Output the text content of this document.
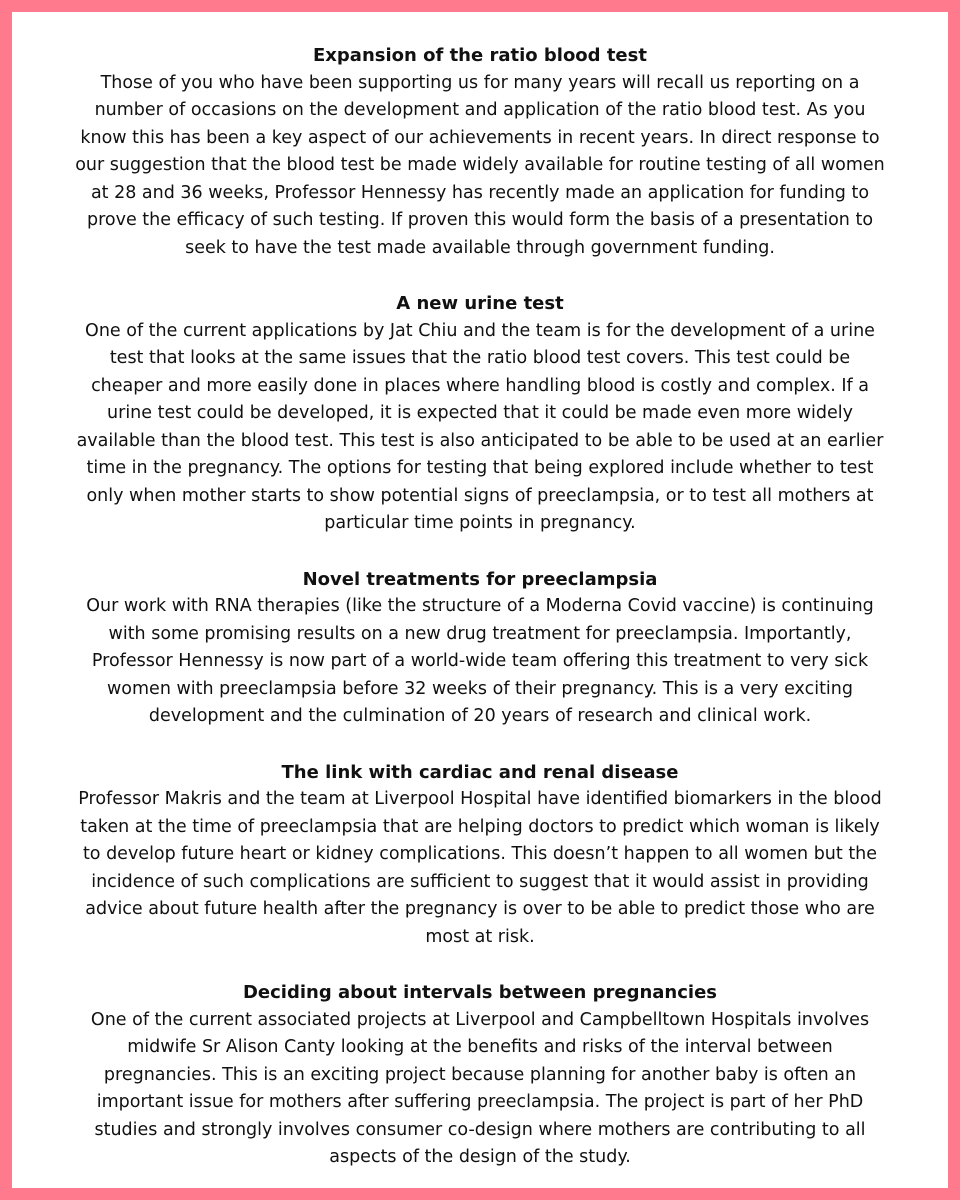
Expansion of the ratio blood test

Those of you who have been supporting us for many years will recall us reporting on a
number of occasions on the development and application of the ratio blood test. As you
know this has been a key aspect of our achievements in recent years. In direct response to
our suggestion that the blood test be made widely available for routine testing of all women
at 28 and 36 weeks, Professor Hennessy has recently made an application for funding to
prove the efficacy of such testing. If proven this would form the basis of a presentation to
seek to have the test made available through government funding.

A new urine test

One of the current applications by Jat Chiu and the team is for the development of a urine
test that looks at the same issues that the ratio blood test covers. This test could be
cheaper and more easily done in places where handling blood is costly and complex. If a
urine test could be developed, it is expected that it could be made even more widely
available than the blood test. This test is also anticipated to be able to be used at an earlier
time in the pregnancy. The options for testing that being explored include whether to test
only when mother starts to show potential signs of preeclampsia, or to test all mothers at
particular time points in pregnancy.

Novel treatments for preeclampsia

Our work with RNA therapies (like the structure of a Moderna Covid vaccine) is continuing
with some promising results on a new drug treatment for preeclampsia. Importantly,
Professor Hennessy is now part of a world-wide team offering this treatment to very sick
women with preeclampsia before 32 weeks of their pregnancy. This is a very exciting
development and the culmination of 20 years of research and clinical work.

The link with cardiac and renal disease

Professor Makris and the team at Liverpool Hospital have identified biomarkers in the blood
taken at the time of preeclampsia that are helping doctors to predict which woman is likely
to develop future heart or kidney complications. This doesn’t happen to all women but the
incidence of such complications are sufficient to suggest that it would assist in providing
advice about future health after the pregnancy is over to be able to predict those who are
most at risk.

Deciding about intervals between pregnancies

One of the current associated projects at Liverpool and Campbelltown Hospitals involves
midwife Sr Alison Canty looking at the benefits and risks of the interval between
pregnancies. This is an exciting project because planning for another baby is often an
important issue for mothers after suffering preeclampsia. The project is part of her PhD
studies and strongly involves consumer co-design where mothers are contributing to all
aspects of the design of the study.
